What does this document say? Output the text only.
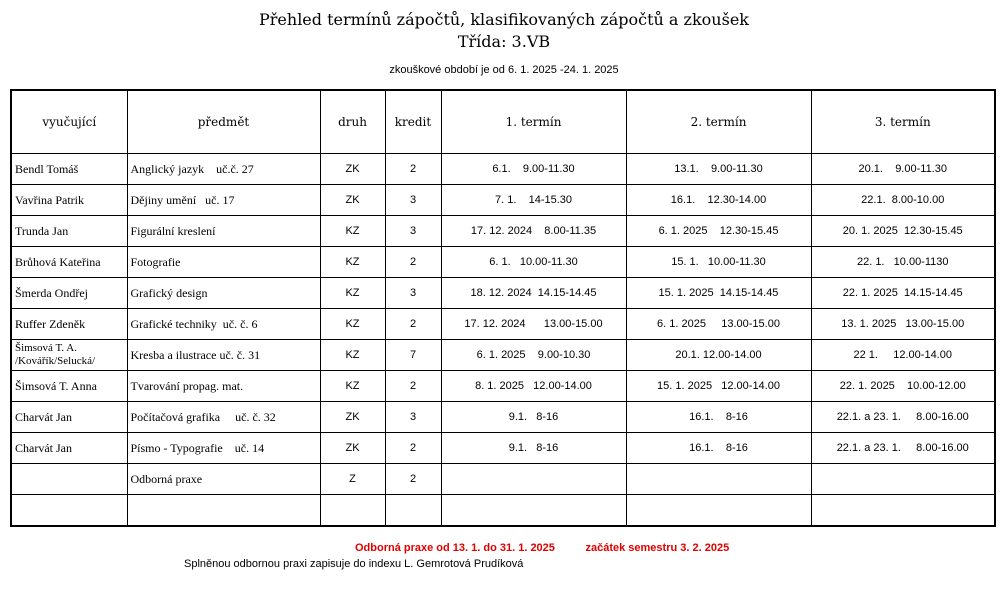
Přehled termínů zápočtů, klasifikovaných zápočtů a zkoušek
Třída: 3.VB
zkouškové období je od 6. 1. 2025 -24. 1. 2025
vyučující	předmět	druh	kredit	1. termín	2. termín	3. termín
Bendl Tomáš	Anglický jazyk    uč.č. 27	ZK	2	6.1.    9.00-11.30	13.1.    9.00-11.30	20.1.    9.00-11.30
Vavřina Patrik	Dějiny umění   uč. 17	ZK	3	7. 1.    14-15.30	16.1.    12.30-14.00	22.1.  8.00-10.00
Trunda Jan	Figurální kreslení	KZ	3	17. 12. 2024    8.00-11.35	6. 1. 2025    12.30-15.45	20. 1. 2025  12.30-15.45
Brůhová Kateřina	Fotografie	KZ	2	6. 1.   10.00-11.30	15. 1.   10.00-11.30	22. 1.   10.00-1130
Šmerda Ondřej	Grafický design	KZ	3	18. 12. 2024  14.15-14.45	15. 1. 2025  14.15-14.45	22. 1. 2025  14.15-14.45
Ruffer Zdeněk	Grafické techniky  uč. č. 6	KZ	2	17. 12. 2024      13.00-15.00	6. 1. 2025     13.00-15.00	13. 1. 2025   13.00-15.00
Šimsová T. A. /Kovářík/Selucká/	Kresba a ilustrace uč. č. 31	KZ	7	6. 1. 2025    9.00-10.30	20.1. 12.00-14.00	22 1.     12.00-14.00
Šimsová T. Anna	Tvarování propag. mat.	KZ	2	8. 1. 2025   12.00-14.00	15. 1. 2025   12.00-14.00	22. 1. 2025    10.00-12.00
Charvát Jan	Počítačová grafika     uč. č. 32	ZK	3	9.1.   8-16	16.1.    8-16	22.1. a 23. 1.     8.00-16.00
Charvát Jan	Písmo - Typografie    uč. 14	ZK	2	9.1.   8-16	16.1.    8-16	22.1. a 23. 1.     8.00-16.00
	Odborná praxe	Z	2			

Odborná praxe od 13. 1. do 31. 1. 2025          začátek semestru 3. 2. 2025
Splněnou odbornou praxi zapisuje do indexu L. Gemrotová Prudíková
